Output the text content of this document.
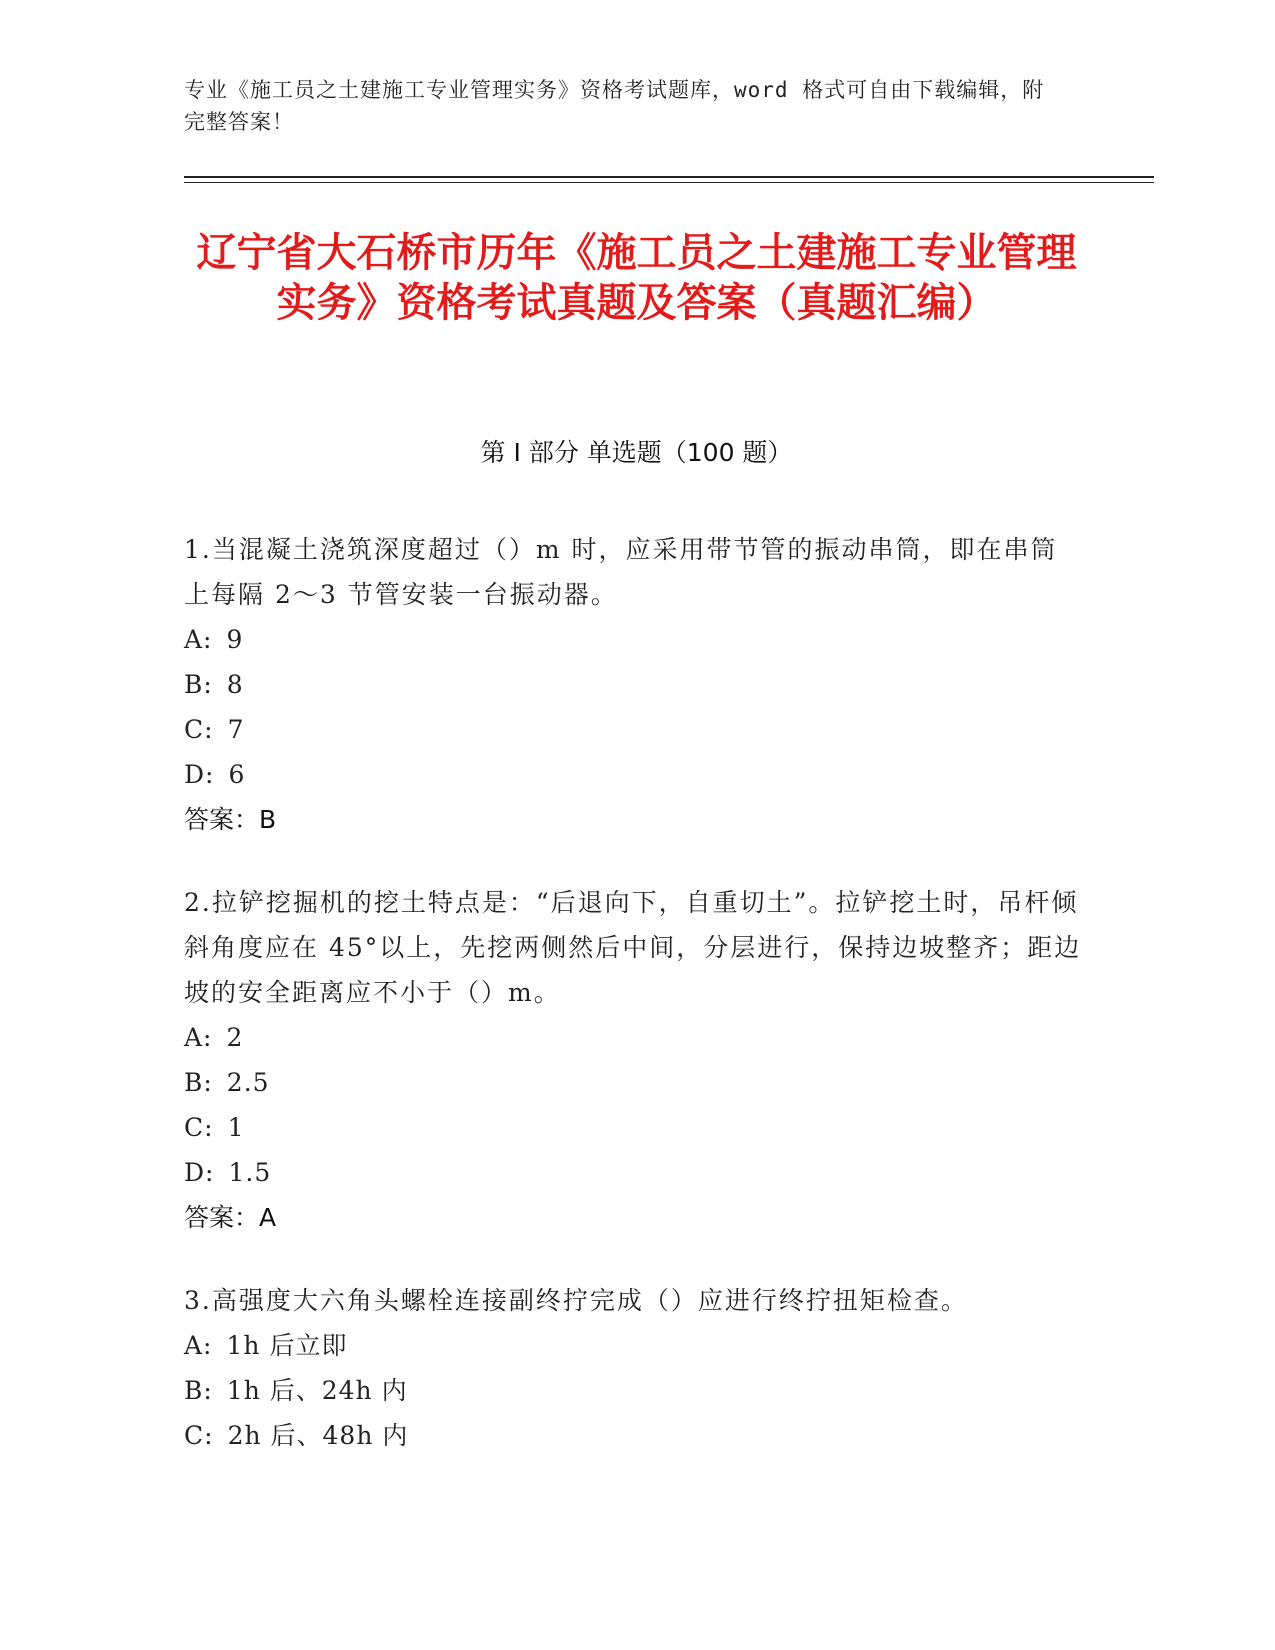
专业《施工员之土建施工专业管理实务》资格考试题库，word 格式可自由下载编辑，附完整答案！
辽宁省大石桥市历年《施工员之土建施工专业管理实务》资格考试真题及答案（真题汇编）
第 I 部分 单选题（100 题）
1.当混凝土浇筑深度超过（）m 时，应采用带节管的振动串筒，即在串筒上每隔 2～3 节管安装一台振动器。
A: 9
B: 8
C: 7
D: 6
答案：B
2.拉铲挖掘机的挖土特点是：“后退向下，自重切土”。拉铲挖土时，吊杆倾斜角度应在 45°以上，先挖两侧然后中间，分层进行，保持边坡整齐；距边坡的安全距离应不小于（）m。
A: 2
B: 2.5
C: 1
D: 1.5
答案：A
3.高强度大六角头螺栓连接副终拧完成（）应进行终拧扭矩检查。
A: 1h 后立即
B: 1h 后、24h 内
C: 2h 后、48h 内
